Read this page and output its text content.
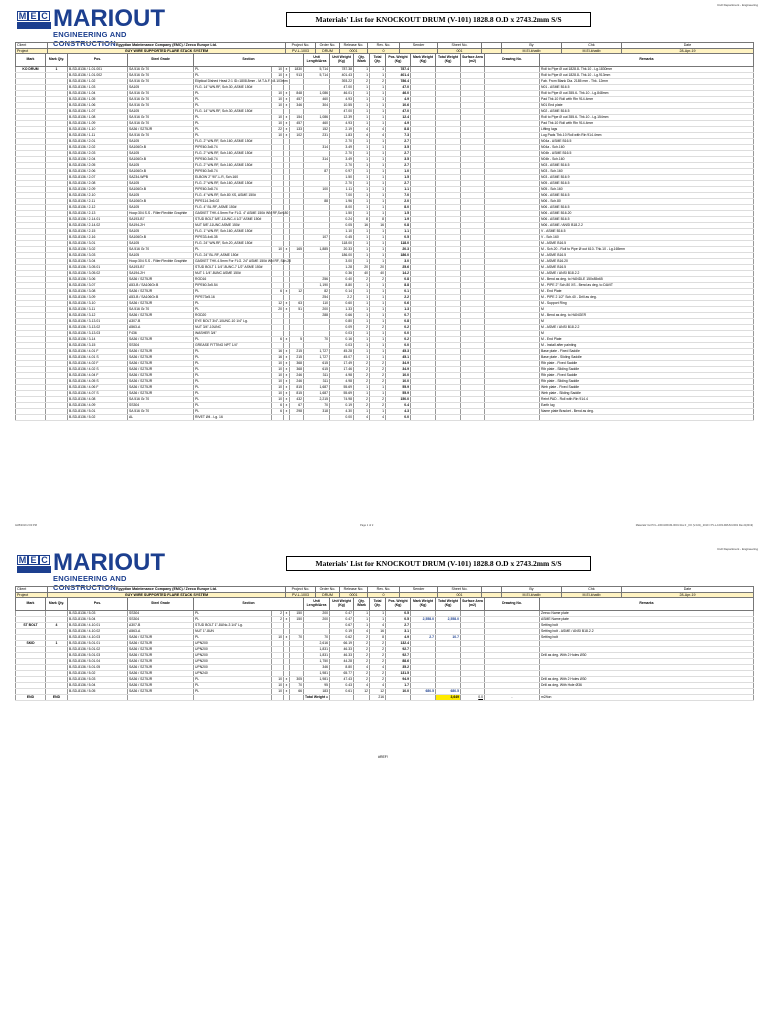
Civil Department - Engineering
M E C MARIOUT
ENGINEERING AND CONSTRUCTION
Materials' List for KNOCKOUT DRUM (V-101) 1828.8 O.D x 2743.2mm S/S
Client	Egyptian Maintenance Company (EMC) / Zeeco Europe Ltd.	Project No.	Order No.	Release No.	Rev. No.	Sender	Sheet No.		By	Chk	Date
Project	GUY WIRE SUPPORTED FLARE STACK SYSTEM	PV-L-1003	DRUM	0001	0		001		M.El-khatib	M.El-khatib	28-Apr-19
Mark	Mark Qty.	Pos.	Steel Grade	Section				Unit Length/Area	Unit Weight (Kg)	Qty. /Mark	Total Qty.	Pos. Weight (Kg)	Mark Weight (Kg)	Total Weight (Kg)	Surface Area (m2)	Drawing No.	Remarks
KO DRUM	1	B-SD-8136 / 1-01.001	SA 516 Gr.70	PL	10	x	1830	5,714	787.38	1	1	787.4					Roll to Pipe Ø out 1828.8- Thk.10 - Lg.1830mm
		B-SD-8136 / 1-01.002	SA 516 Gr.70	PL	10	x	913	5,714	401.43	1	1	401.4					Roll to Pipe Ø out 1828.8- Thk.10 - Lg.913mm
		B-SD-8136 / 1-02	SA 516 Gr.70	Eliptical Dished Head 2:1 ID=1808.8mm - M.T.A.F. =8.103mm					393.22	2	2	786.4					Fab. From Blank Dia. 2185 mm - Thk. 12mm
		B-SD-8136 / 1-03	SA105	FLG. 14" WN.RF, Sch.30, ASME 150#					47.00	1	1	47.0					N01 - ASME B16.5
		B-SD-8136 / 1-04	SA 516 Gr.70	PL	10	x	848	1,086	46.01	1	1	46.0					Roll to Pipe Ø out 355.6- Thk.10 - Lg.848mm
		B-SD-8136 / 1-05	SA 516 Gr.70	PL	10	x	457	460	4.93	1	1	4.9					Pad Thk.10 Roll with Rin 914.4mm
		B-SD-8136 / 1-06	SA 516 Gr.70	PL	10	x	346	304	10.55	1	1	10.6					N01 End plate
		B-SD-8136 / 1-07	SA105	FLG. 14" WN.RF, Sch.30, ASME 150#					47.00	1	1	47.0					N02 - ASME B16.5
		B-SD-8136 / 1-08	SA 516 Gr.70	PL	10	x	154	1,086	12.39	1	1	12.4					Roll to Pipe Ø out 355.6- Thk.10 - Lg.154mm
		B-SD-8136 / 1-09	SA 516 Gr.70	PL	10	x	457	460	4.93	1	1	4.9					Pad Thk.10 Roll with Rin 914.4mm
		B-SD-8136 / 1-10	SA36 / S275JR	PL	22	x	133	152	2.19	4	4	8.8					Lifting lugs
		B-SD-8136 / 1-11	SA 516 Gr.70	PL	10	x	102	231	1.83	4	4	7.3					Lug Pads Thk.10 Roll with Rin 914.4mm
		B-SD-8136 / 2-01	SA105	FLG. 2" WN.RF, Sch.160, ASME 150#					2.70	1	1	2.7					N04a - ASME B16.5
		B-SD-8136 / 2-02	SA106Gr.B	PIPE60.3x8.74				314	3.49	1	1	3.5					N04a - Sch.160
		B-SD-8136 / 2-03	SA105	FLG. 2" WN.RF, Sch.160, ASME 150#					2.70	1	1	2.7					N04b - ASME B16.5
		B-SD-8136 / 2-04	SA106Gr.B	PIPE60.3x8.74				314	3.49	1	1	3.5					N04b - Sch.160
		B-SD-8136 / 2-05	SA105	FLG. 2" WN.RF, Sch.160, ASME 150#					2.70	1	1	2.7					N03 - ASME B16.5
		B-SD-8136 / 2-06	SA106Gr.B	PIPE60.3x8.74				87	0.97	1	1	1.0					N03 - Sch.160
		B-SD-8136 / 2-07	SA234-WPB	ELBOW 2" 90°-L.R, Sch.160					1.50	1	1	1.5					N03 - ASME B16.9
		B-SD-8136 / 2-08	SA105	FLG. 2" WN.RF, Sch.160, ASME 150#					2.70	1	1	2.7					N05 - ASME B16.5
		B-SD-8136 / 2-09	SA106Gr.B	PIPE60.3x8.74				100	1.11	1	1	1.1					N05 - Sch.160
		B-SD-8136 / 2-10	SA105	FLG. 4" WN.RF, Sch.80 XS, ASME 150#					7.00	1	1	7.0					N06 - ASME B16.5
		B-SD-8136 / 2-11	SA106Gr.B	PIPE114.3x6.02				88	1.96	1	1	2.0					N06 - Sch.80
		B-SD-8136 / 2-12	SA105	FLG. 4" BL.RF, ASME 150#					8.00	1	1	8.0					N06 - ASME B16.5
		B-SD-8136 / 2-13	Hoop:304 S.S - Filler:Flexible Graphite	GASKET THK.4.5mm For FLG. 4" ASME 150# WN RF,Sch.80					1.50	1	1	1.5					N06 - ASME B16.20
		B-SD-8136 / 2-14.01	SA193-B7	STUD BOLT 5/8"-11UNC-4 1/2" ASME 150#					0.24	8	8	1.9					N06 - ASME B16.5
		B-SD-8136 / 2-14.02	SA194-2H	NUT 5/8"-11UNC ASME 150#					0.05	16	16	0.8					N06 - ASME / ANSI B18.2.2
		B-SD-8136 / 2-15	SA105	FLG. 1" WN.RF, Sch.160, ASME 150#					1.10	1	1	1.1					V - ASME B16.5
		B-SD-8136 / 2-16	SA106Gr.B	PIPE33.4x6.35				107	0.45	1	1	0.5					V - Sch.160
		B-SD-8136 / 3-01	SA105	FLG. 24" WN.RF, Sch.20, ASME 150#					118.00	1	1	118.0					M - ASME B16.5
		B-SD-8136 / 3-02	SA 516 Gr.70	PL	10	x	165	1,885	20.33	1	1	20.3					M - Sch.20 - Roll to Pipe Ø out 610- Thk.10 - Lg.165mm
		B-SD-8136 / 3-03	SA105	FLG. 24" BL.RF, ASME 150#					186.00	1	1	186.0					M - ASME B16.5
		B-SD-8136 / 3-04	Hoop:304 S.S - Filler:Flexible Graphite	GASKET THK.4.5mm For FLG. 24" ASME 150# WN RF, Sch.20					3.00	1	1	3.0					M - ASME B16.20
		B-SD-8136 / 3-05.01	SA193-B7	STUD BOLT 1 1/4"-8UNC-7 1/2" ASME 150#					1.28	20	20	25.6					M - ASME B16.5
		B-SD-8136 / 3-05.02	SA194-2H	NUT 1 1/4"-8UNC ASME 150#					0.36	40	40	14.2					M - ASME / ANSI B18.2.2
		B-SD-8136 / 3-06	SA36 / S275JR	ROD16				256	0.40	2	2	0.8					M - Bend as deg. to HANDLE 150x85x65
		B-SD-8136 / 3-07	A53-B / SA106Gr.B	PIPE60.3x5.54				1,190	8.80	1	1	8.8					M - PIPE 2" Sch.80 XS - Bend as deg. to DAVIT
		B-SD-8136 / 3-08	SA36 / S275JR	PL	6	x	12	82	0.14	1	1	0.1					M - End Plate
		B-SD-8136 / 3-09	A53-B / SA106Gr.B	PIPE73x5.16				254	2.2	1	1	2.2					M - PIPE 2 1/2" Sch.40 - Drill as deg.
		B-SD-8136 / 3-10	SA36 / S275JR	PL	12	x	63	110	0.60	1	1	0.6					M - Support Ring
		B-SD-8136 / 3-11	SA 516 Gr.70	PL	20	x	51	200	1.33	1	1	1.3					M
		B-SD-8136 / 3-12	SA36 / S275JR	ROD20				288	0.66	1	1	0.7					M - Bend as deg. to HANGER
		B-SD-8136 / 3-13.01	A307-B	EYE BOLT 3/4"-10UNC-10 1/4" Lg.					0.80	1	1	0.8					M
		B-SD-8136 / 3-13.02	A563-A	NUT 3/4"-10UNC					0.09	2	2	0.2					M - ASME / ANSI B18.2.2
		B-SD-8136 / 3-13.03	F436	WASHER 3/4"					0.03	1	1	0.0					M
		B-SD-8136 / 3-14	SA36 / S275JR	PL	6	x	5	70	0.16	1	1	0.2					M - End Plate
		B-SD-8136 / 3-15	SS304	GREASE FITTING NPT 1/4"					0.03	1	1	0.0					M - Install after painting
		B-SD-8136 / 4-01 F	SA36 / S275JR	PL	16	x	215	1,727	45.28	1	1	45.3					Base plate - Fixed Saddle
		B-SD-8136 / 4-01 S	SA36 / S275JR	PL	16	x	215	1,727	45.07	1	1	45.1					Base plate - Sliding Saddle
		B-SD-8136 / 4-02 F	SA36 / S275JR	PL	10	x	368	615	17.49	2	2	34.9					Rib plate - Fixed Saddle
		B-SD-8136 / 4-02 S	SA36 / S275JR	PL	10	x	368	615	17.46	2	2	34.9					Rib plate - Sliding Saddle
		B-SD-8136 / 4-04 F	SA36 / S275JR	PL	10	x	246	311	4.98	2	2	10.0					Rib plate - Fixed Saddle
		B-SD-8136 / 4-05 S	SA36 / S275JR	PL	10	x	246	311	4.98	2	2	10.0					Rib plate - Sliding Saddle
		B-SD-8136 / 4-06 F	SA36 / S275JR	PL	10	x	815	1,687	55.69	1	1	55.9					Web plate - Fixed Saddle
		B-SD-8136 / 4-07 S	SA36 / S275JR	PL	10	x	815	1,687	55.69	1	1	55.9					Web plate - Sliding Saddle
		B-SD-8136 / 4-08	SA 516 Gr.70	PL	10	x	432	2,215	74.98	2	2	150.0					Reinf.PAD - Roll with Rin 914.4
		B-SD-8136 / 4-09	SS304	PL	6	x	67	70	0.19	2	2	0.4					Earth lug
		B-SD-8136 / 5-01	SA 516 Gr.70	PL	6	x	298	318	4.30	1	1	4.3					Name plate Bracket - Bend as deg.
		B-SD-8136 / 5-02	AL	RIVET Ø4 - Lg. 16					0.00	4	4	0.0					
4/28/2019 2:03 PM	Page 1 of 2	Materials' list PV-L-1003-DRUM-0001 Rev.0 _KO (V-101)_2019 / PV-L-1003-DRUM-0001 Rev.0(2019)
Civil Department - Engineering
M E C MARIOUT
ENGINEERING AND CONSTRUCTION
Materials' List for KNOCKOUT DRUM (V-101) 1828.8 O.D x 2743.2mm S/S
Client	Egyptian Maintenance Company (EMC) / Zeeco Europe Ltd.	Project No.	Order No.	Release No.	Rev. No.	Sender	Sheet No.		By	Chk	Date
Project	GUY WIRE SUPPORTED FLARE STACK SYSTEM	PV-L-1003	DRUM	0001	0		001		M.El-khatib	M.El-khatib	28-Apr-19
Mark	Mark Qty.	Pos.	Steel Grade	Section				Unit Length/Area	Unit Weight (Kg)	Qty. /Mark	Total Qty.	Pos. Weight (Kg)	Mark Weight (Kg)	Total Weight (Kg)	Surface Area (m2)	Drawing No.	Remarks
		B-SD-8136 / 5-03	SS304	PL	2	x	150	200	0.47	1	1	0.5					Zeeco Name plate
		B-SD-8136 / 5-04	SS304	PL	2	x	150	200	0.47	1	1	0.5	2,558.0	2,558.0			ASME Name plate
ST BOLT	4	B-SD-8136 / 4-10.01	A307-B	STUD BOLT 1"-8UNc-3 1/4" Lg.					0.67	1	4	2.7					Setting bolt
		B-SD-8136 / 4-10.02	A563-A	NUT 1"-8UN					0.19	4	16	3.1					Setting bolt - ASME / ANSI B18.2.2
		B-SD-8136 / 4-10.03	SA36 / S275JR	PL	10	x	70	70	0.62	2	8	4.9	2.7	10.7			Setting bolt
SKID	1	B-SD-8136 / 5-01.01	SA36 / S275JR	UPN200				2,616	66.19	2	2	132.4					
		B-SD-8136 / 5-01.02	SA36 / S275JR	UPN200				1,831	46.33	2	2	92.7					
		B-SD-8136 / 5-01.03	SA36 / S275JR	UPN200				1,831	46.33	2	2	92.7					Drill as deg. With 2 Holes Ø30
		B-SD-8136 / 5-01.04	SA36 / S275JR	UPN200				1,750	44.28	2	2	88.6					
		B-SD-8136 / 5-01.05	SA36 / S275JR	UPN200				346	8.80	4	4	35.2					
		B-SD-8136 / 5-02	SA36 / S275JR	UPN240				1,981	65.77	2	2	131.5					
		B-SD-8136 / 5-03	SA36 / S275JR	PL	10	x	305	1,981	47.43	2	2	94.9					Drill as deg. With 2 Holes Ø30
		B-SD-8136 / 5-04	SA36 / S275JR	PL	10	x	70	95	0.43	4	4	1.7					Drill as deg. With Hole Ø36
		B-SD-8136 / 5-05	SA36 / S275JR	PL	10	x	66	183	0.61	12	12	10.0	680.5	680.5			
END	END							Total Weight =			216			3,649	0.0	-	m2/ton
#REF!
